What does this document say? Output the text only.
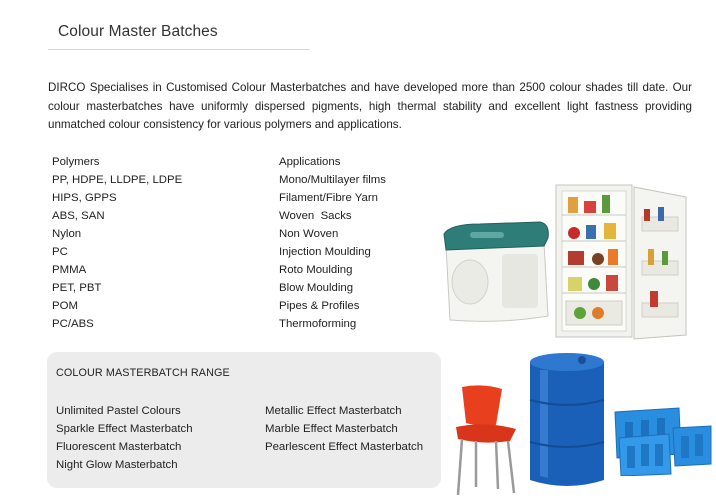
Colour Master Batches

DIRCO Specialises in Customised Colour Masterbatches and have developed more than 2500 colour shades till date. Our colour masterbatches have uniformly dispersed pigments, high thermal stability and excellent light fastness providing unmatched colour consistency for various polymers and applications.

Polymers
PP, HDPE, LLDPE, LDPE
HIPS, GPPS
ABS, SAN
Nylon
PC
PMMA
PET, PBT
POM
PC/ABS
Applications
Mono/Multilayer films
Filament/Fibre Yarn
Woven  Sacks
Non Woven
Injection Moulding
Roto Moulding
Blow Moulding
Pipes & Profiles
Thermoforming
COLOUR MASTERBATCH RANGE
Unlimited Pastel Colours
Sparkle Effect Masterbatch
Fluorescent Masterbatch
Night Glow Masterbatch
Metallic Effect Masterbatch
Marble Effect Masterbatch
Pearlescent Effect Masterbatch
